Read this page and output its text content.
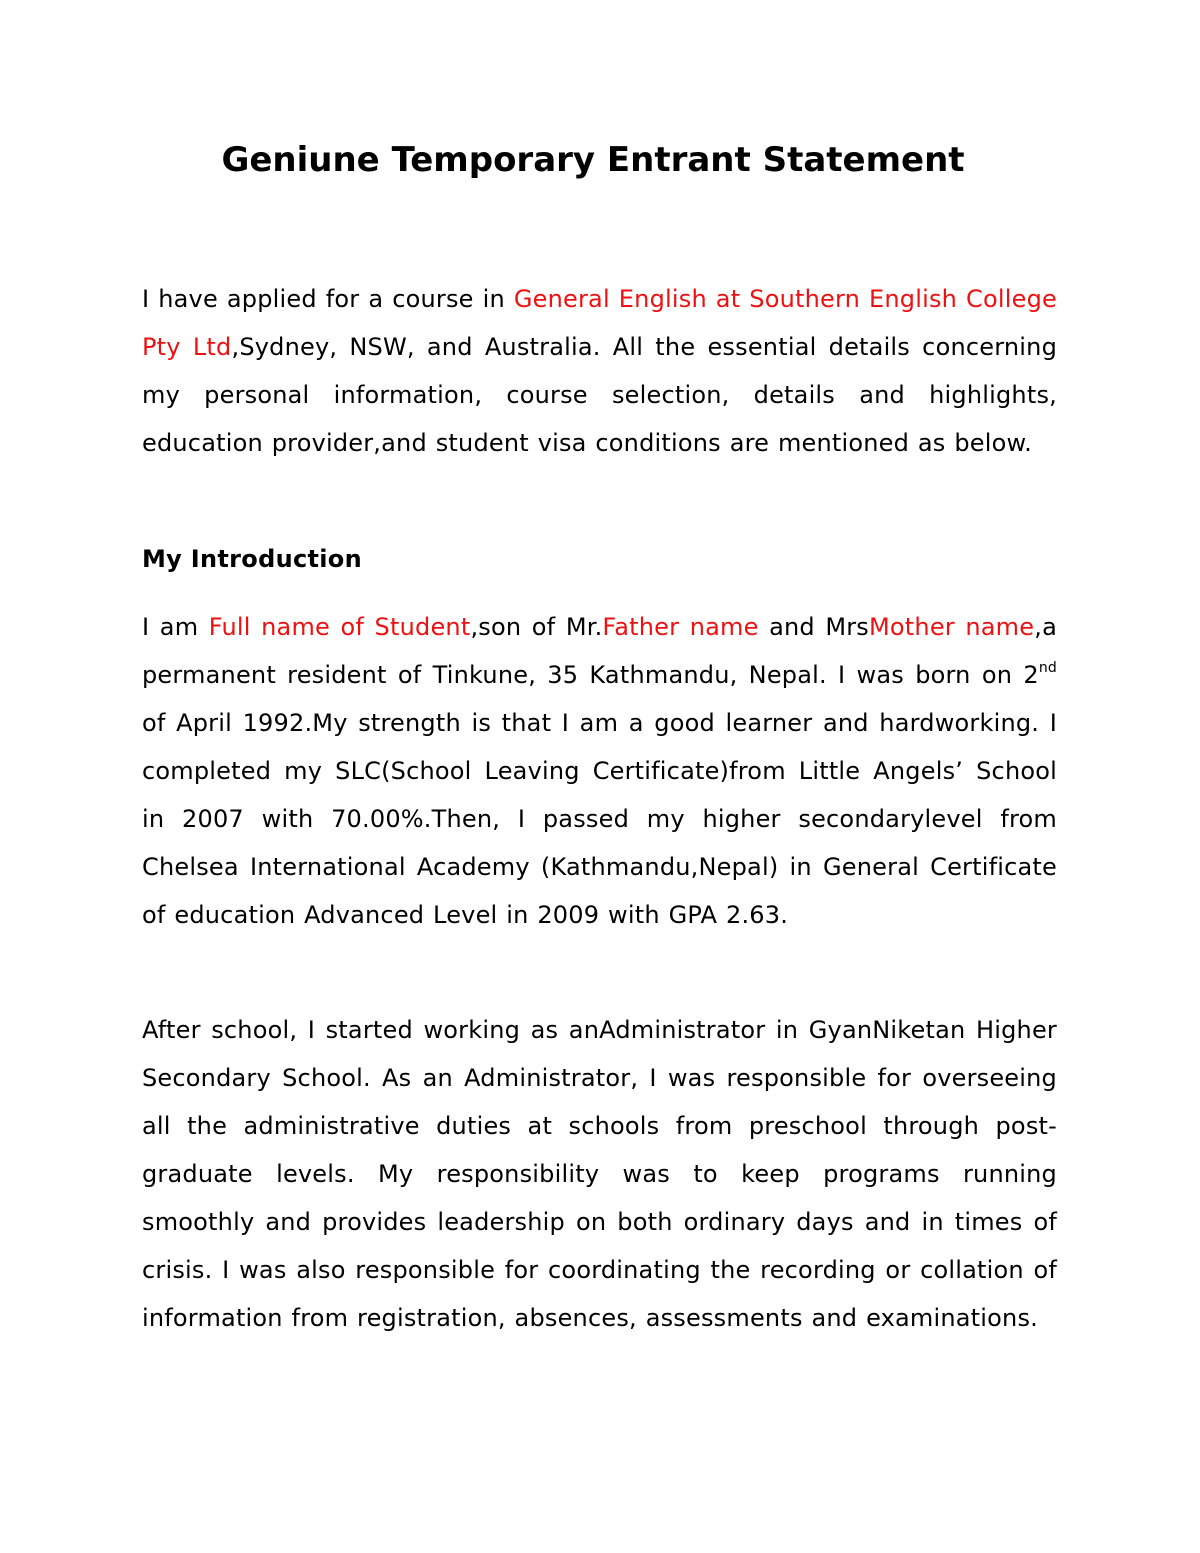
Geniune Temporary Entrant Statement

I have applied for a course in General English at Southern English College Pty Ltd,Sydney, NSW, and Australia. All the essential details concerning my personal information, course selection, details and highlights, education provider,and student visa conditions are mentioned as below.

My Introduction

I am Full name of Student,son of Mr.Father name and MrsMother name,a permanent resident of Tinkune, 35 Kathmandu, Nepal. I was born on 2nd of April 1992.My strength is that I am a good learner and hardworking. I completed my SLC(School Leaving Certificate)from Little Angels’ School in 2007 with 70.00%.Then, I passed my higher secondarylevel from Chelsea International Academy (Kathmandu,Nepal) in General Certificate of education Advanced Level in 2009 with GPA 2.63.

After school, I started working as anAdministrator in GyanNiketan Higher Secondary School. As an Administrator, I was responsible for overseeing all the administrative duties at schools from preschool through post-graduate levels. My responsibility was to keep programs running smoothly and provides leadership on both ordinary days and in times of crisis. I was also responsible for coordinating the recording or collation of information from registration, absences, assessments and examinations.
